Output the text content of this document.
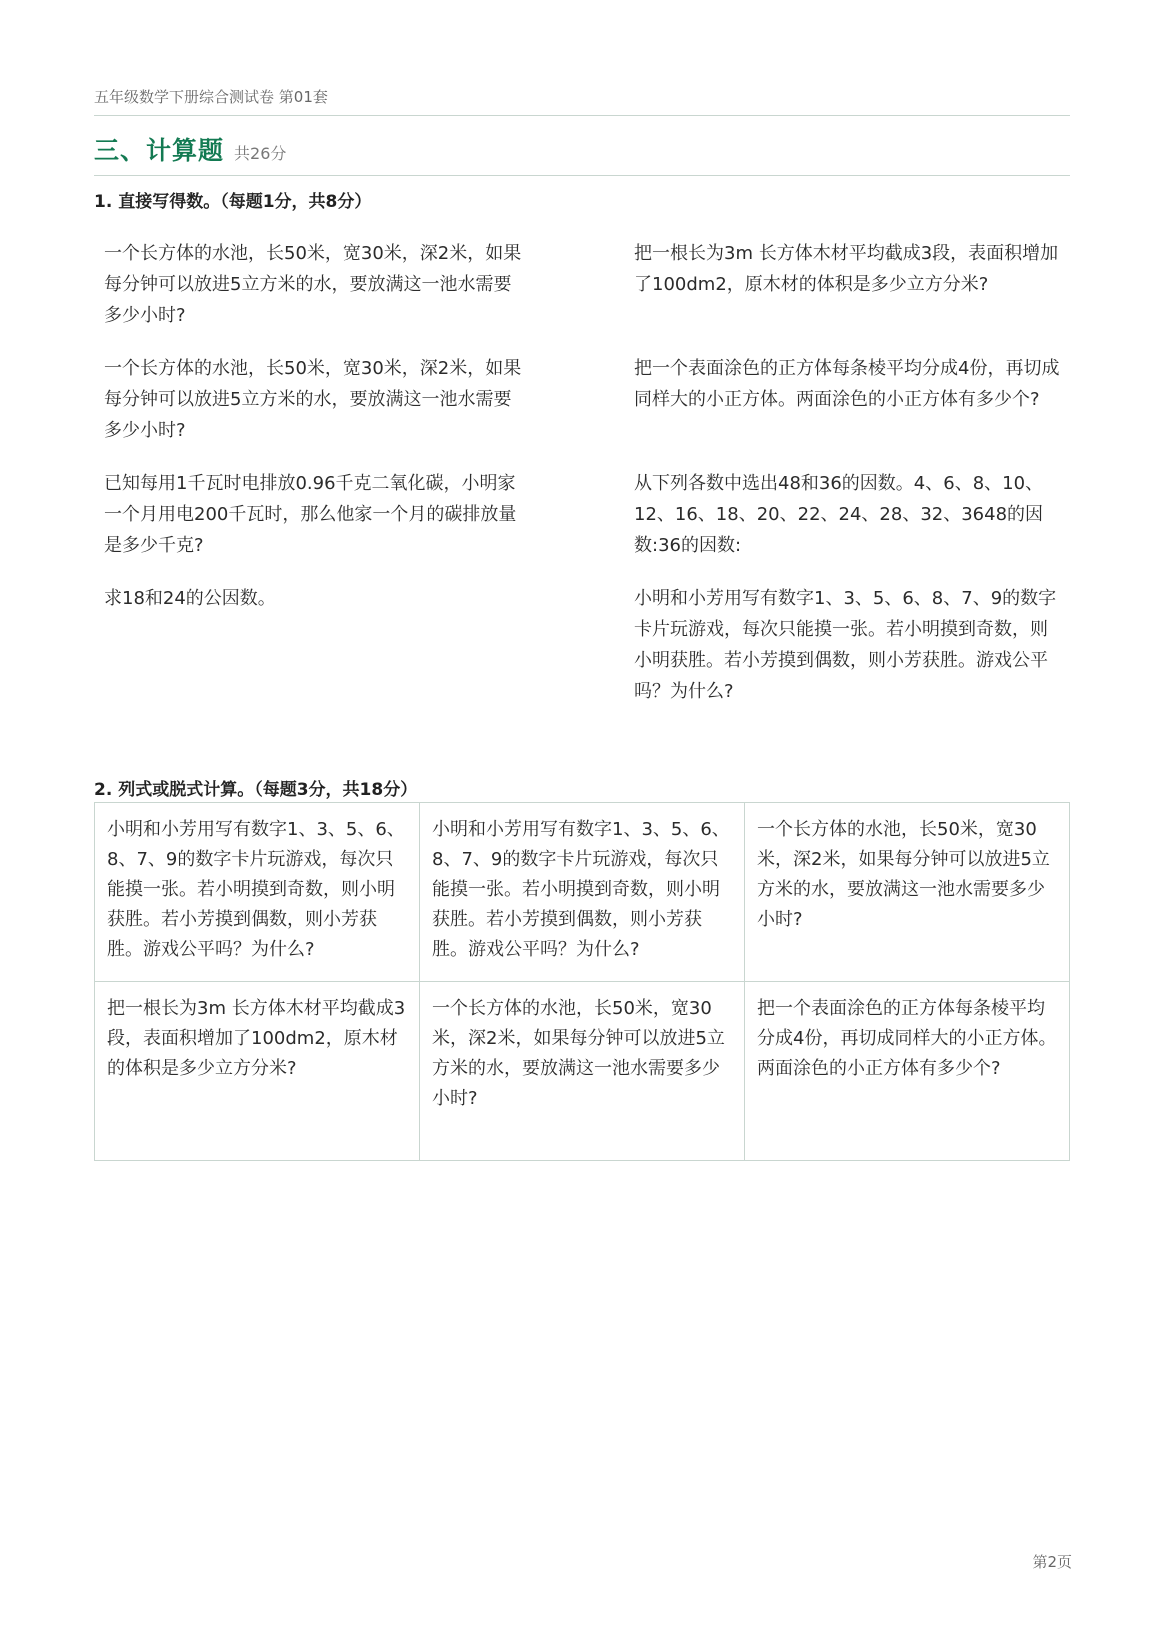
五年级数学下册综合测试卷 第01套
三、计算题 共26分
1. 直接写得数。（每题1分，共8分）

一个长方体的水池，长50米，宽30米，深2米，如果每分钟可以放进5立方米的水，要放满这一池水需要多少小时?

把一根长为3m 长方体木材平均截成3段，表面积增加了100dm2，原木材的体积是多少立方分米?

一个长方体的水池，长50米，宽30米，深2米，如果每分钟可以放进5立方米的水，要放满这一池水需要多少小时?

把一个表面涂色的正方体每条棱平均分成4份，再切成同样大的小正方体。两面涂色的小正方体有多少个?

已知每用1千瓦时电排放0.96千克二氧化碳，小明家一个月用电200千瓦时，那么他家一个月的碳排放量是多少千克?

从下列各数中选出48和36的因数。4、6、8、10、12、16、18、20、22、24、28、32、3648的因数:36的因数:

求18和24的公因数。	小明和小芳用写有数字1、3、5、6、8、7、9的数字卡片玩游戏，每次只能摸一张。若小明摸到奇数，则小明获胜。若小芳摸到偶数，则小芳获胜。游戏公平吗？为什么?

2. 列式或脱式计算。（每题3分，共18分）
小明和小芳用写有数字1、3、5、6、8、7、9的数字卡片玩游戏，每次只能摸一张。若小明摸到奇数，则小明获胜。若小芳摸到偶数，则小芳获胜。游戏公平吗？为什么?	小明和小芳用写有数字1、3、5、6、8、7、9的数字卡片玩游戏，每次只能摸一张。若小明摸到奇数，则小明获胜。若小芳摸到偶数，则小芳获胜。游戏公平吗？为什么?	一个长方体的水池，长50米，宽30米，深2米，如果每分钟可以放进5立方米的水，要放满这一池水需要多少小时?
把一根长为3m 长方体木材平均截成3段，表面积增加了100dm2，原木材的体积是多少立方分米?	一个长方体的水池，长50米，宽30米，深2米，如果每分钟可以放进5立方米的水，要放满这一池水需要多少小时?	把一个表面涂色的正方体每条棱平均分成4份，再切成同样大的小正方体。两面涂色的小正方体有多少个?
第2页
